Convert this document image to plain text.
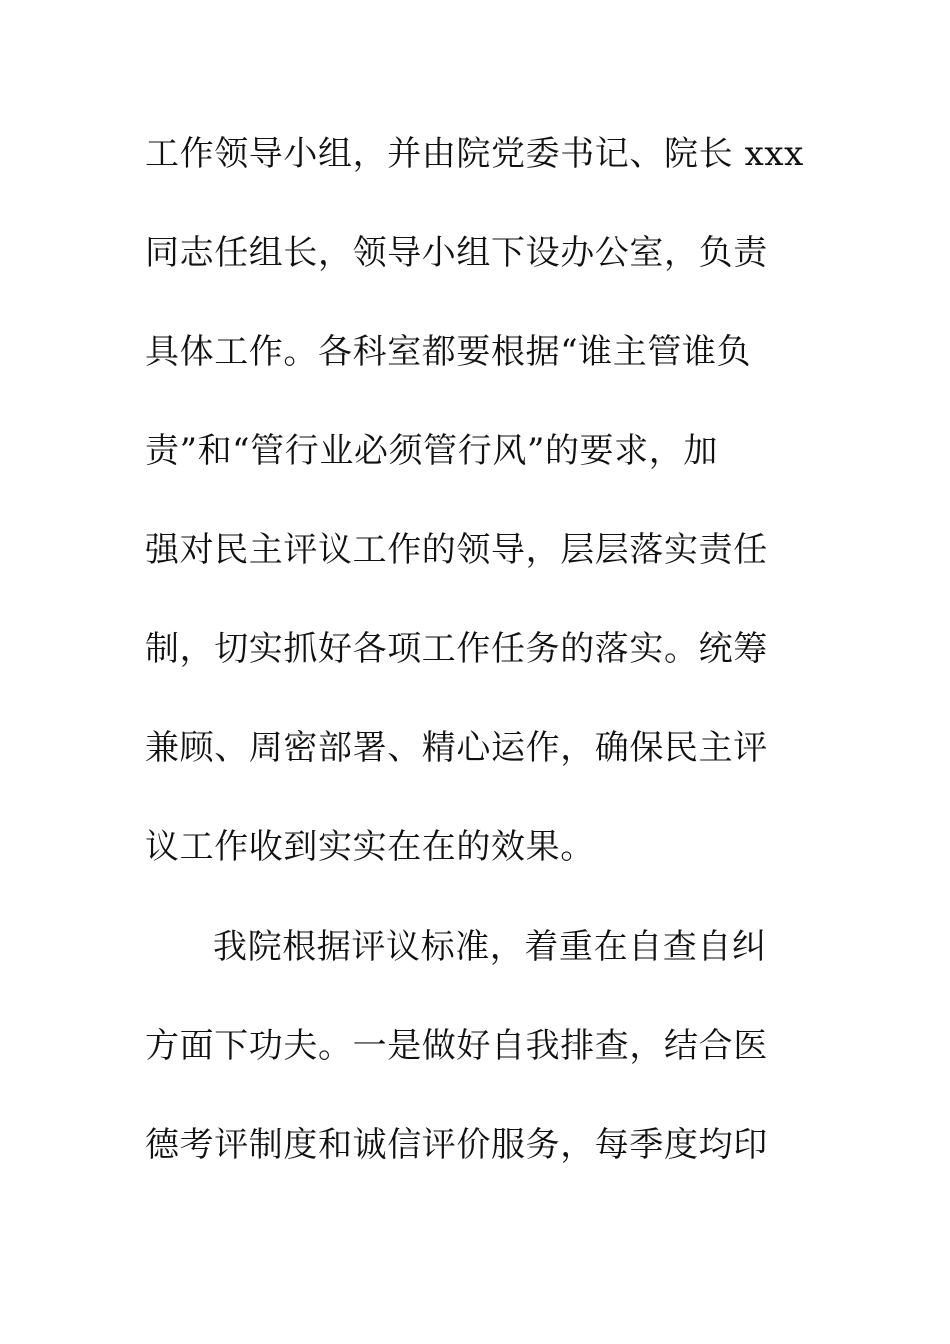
工作领导小组，并由院党委书记、院长 xxx
同志任组长，领导小组下设办公室，负责
具体工作。各科室都要根据“谁主管谁负
责”和“管行业必须管行风”的要求，加
强对民主评议工作的领导，层层落实责任
制，切实抓好各项工作任务的落实。统筹
兼顾、周密部署、精心运作，确保民主评
议工作收到实实在在的效果。
我院根据评议标准，着重在自查自纠
方面下功夫。一是做好自我排查，结合医
德考评制度和诚信评价服务，每季度均印
